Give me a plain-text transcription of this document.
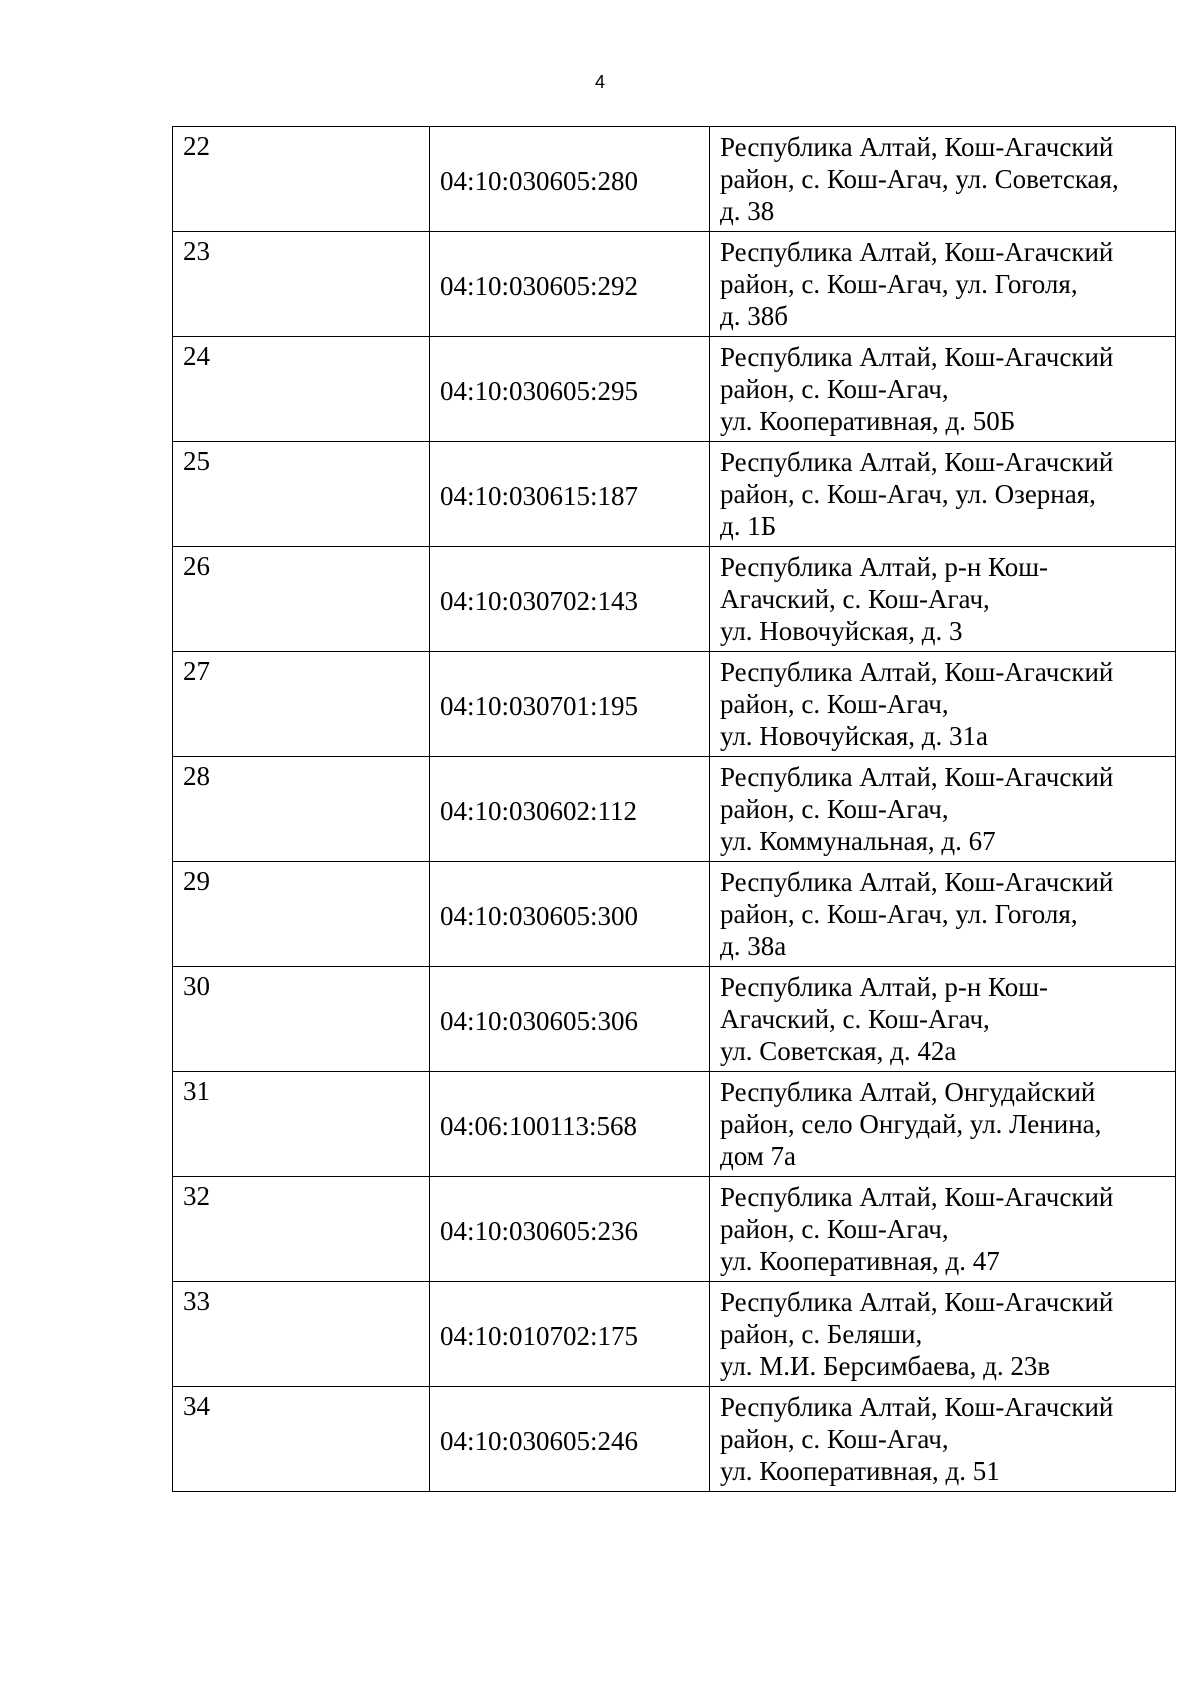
4
22	04:10:030605:280	Республика Алтай, Кош-Агачский
район, с. Кош-Агач, ул. Советская,
д. 38

23	04:10:030605:292	Республика Алтай, Кош-Агачский
район, с. Кош-Агач, ул. Гоголя,
д. 38б

24	04:10:030605:295	Республика Алтай, Кош-Агачский
район, с. Кош-Агач,
ул. Кооперативная, д. 50Б

25	04:10:030615:187	Республика Алтай, Кош-Агачский
район, с. Кош-Агач, ул. Озерная,
д. 1Б

26	04:10:030702:143	Республика Алтай, р-н Кош-
Агачский, с. Кош-Агач,
ул. Новочуйская, д. 3

27	04:10:030701:195	Республика Алтай, Кош-Агачский
район, с. Кош-Агач,
ул. Новочуйская, д. 31а

28	04:10:030602:112	Республика Алтай, Кош-Агачский
район, с. Кош-Агач,
ул. Коммунальная, д. 67

29	04:10:030605:300	Республика Алтай, Кош-Агачский
район, с. Кош-Агач, ул. Гоголя,
д. 38а

30	04:10:030605:306	Республика Алтай, р-н Кош-
Агачский, с. Кош-Агач,
ул. Советская, д. 42а

31	04:06:100113:568	Республика Алтай, Онгудайский
район, село Онгудай, ул. Ленина,
дом 7а

32	04:10:030605:236	Республика Алтай, Кош-Агачский
район, с. Кош-Агач,
ул. Кооперативная, д. 47

33	04:10:010702:175	Республика Алтай, Кош-Агачский
район, с. Беляши,
ул. М.И. Берсимбаева, д. 23в

34	04:10:030605:246	Республика Алтай, Кош-Агачский
район, с. Кош-Агач,
ул. Кооперативная, д. 51
